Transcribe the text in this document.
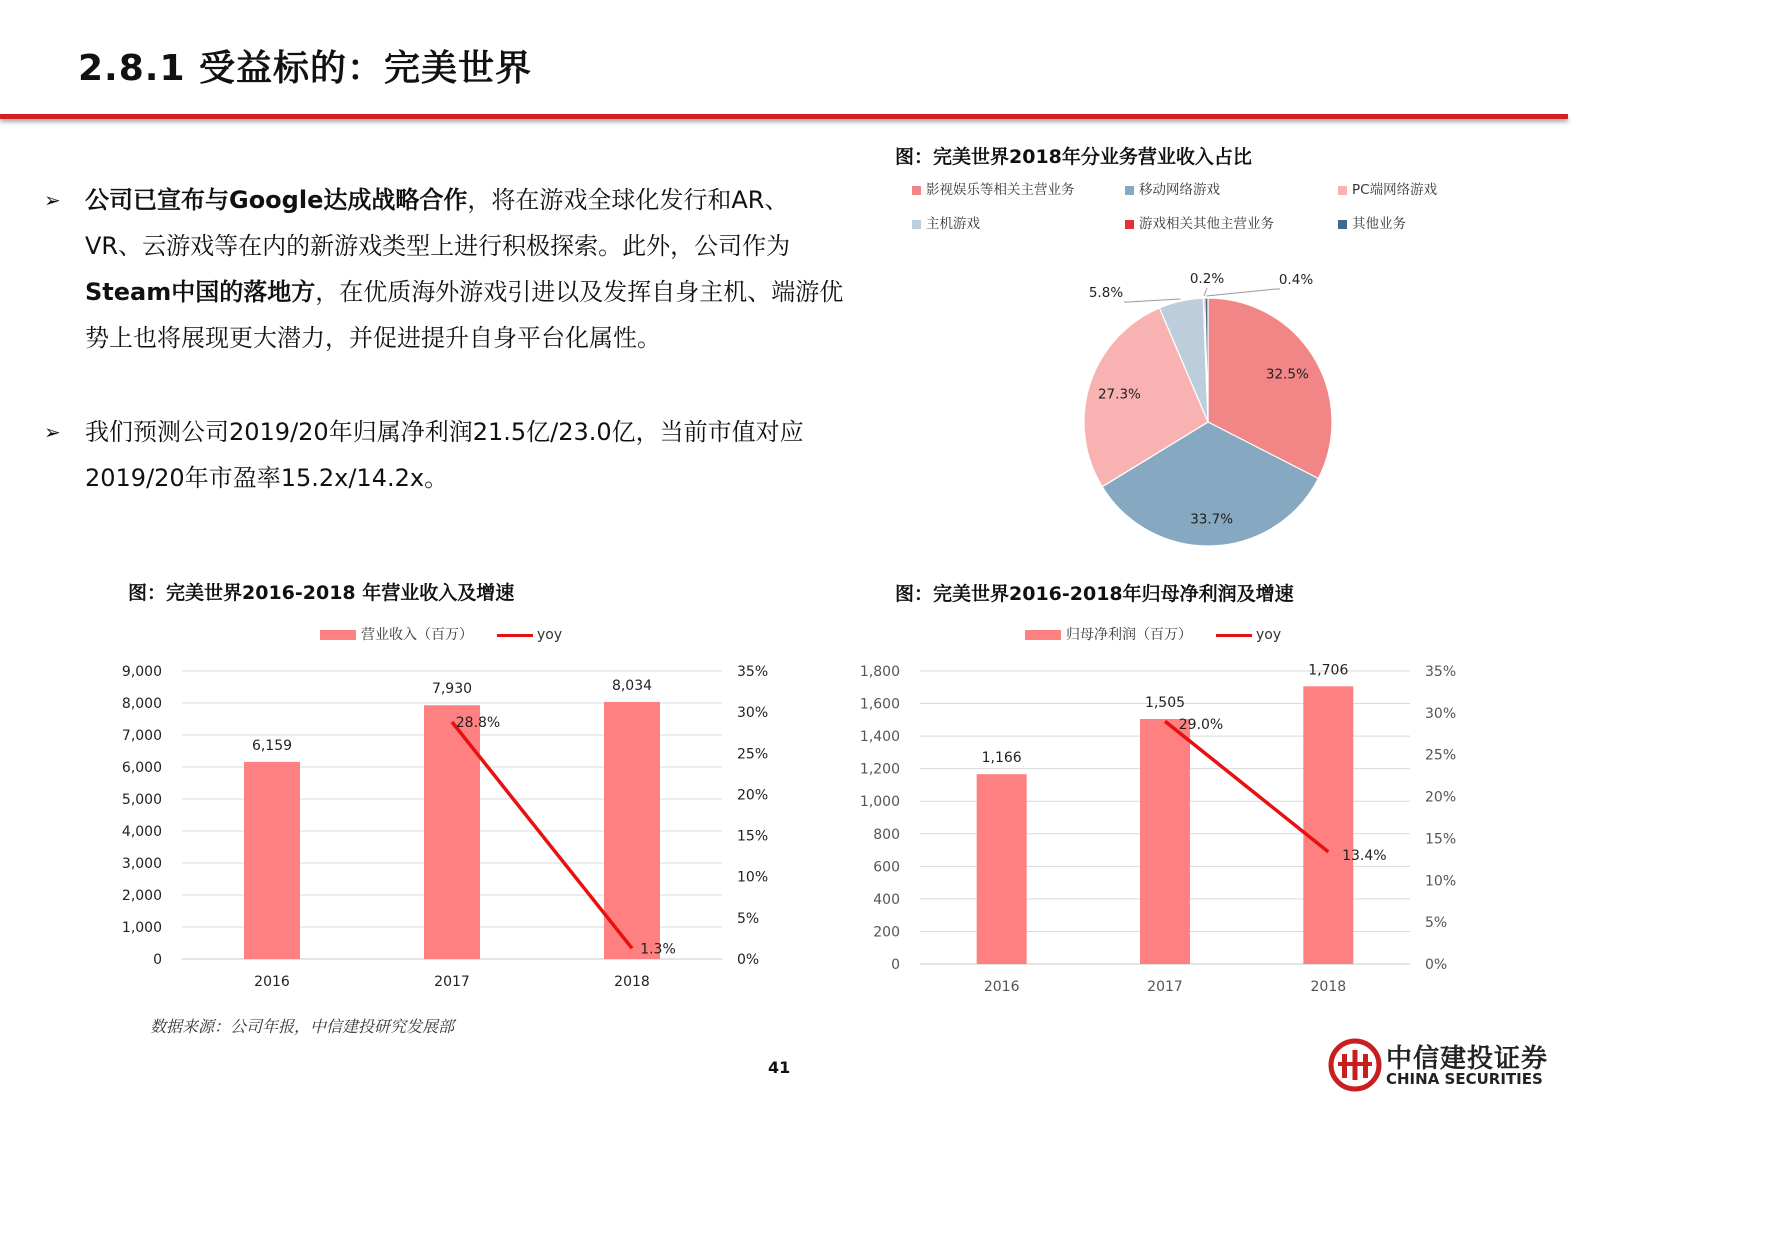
2.8.1 受益标的：完美世界
➢ 公司已宣布与Google达成战略合作，将在游戏全球化发行和AR、VR、云游戏等在内的新游戏类型上进行积极探索。此外，公司作为Steam中国的落地方，在优质海外游戏引进以及发挥自身主机、端游优势上也将展现更大潜力，并促进提升自身平台化属性。
➢ 我们预测公司2019/20年归属净利润21.5亿/23.0亿，当前市值对应2019/20年市盈率15.2x/14.2x。
图：完美世界2018年分业务营业收入占比
影视娱乐等相关主营业务	移动网络游戏	PC端网络游戏
主机游戏	游戏相关其他主营业务	其他业务
32.5%
33.7%
27.3%
5.8%
0.2%	0.4%
图：完美世界2016-2018 年营业收入及增速
营业收入（百万）	yoy
0
1,000
2,000
3,000
4,000
5,000
6,000
7,000
8,000
9,000
0%
5%
10%
15%
20%
25%
30%
35%
6,159
7,930	8,034
2016	2017	2018
28.8%
1.3%
图：完美世界2016-2018年归母净利润及增速
归母净利润（百万）	yoy
0
200
400
600
800
1,000
1,200
1,400
1,600
1,800
0%
5%
10%
15%
20%
25%
30%
35%
1,166
1,505
1,706
2016	2017	2018
29.0%
13.4%
数据来源：公司年报，中信建投研究发展部
41	中信建投证券
CHINA SECURITIES
